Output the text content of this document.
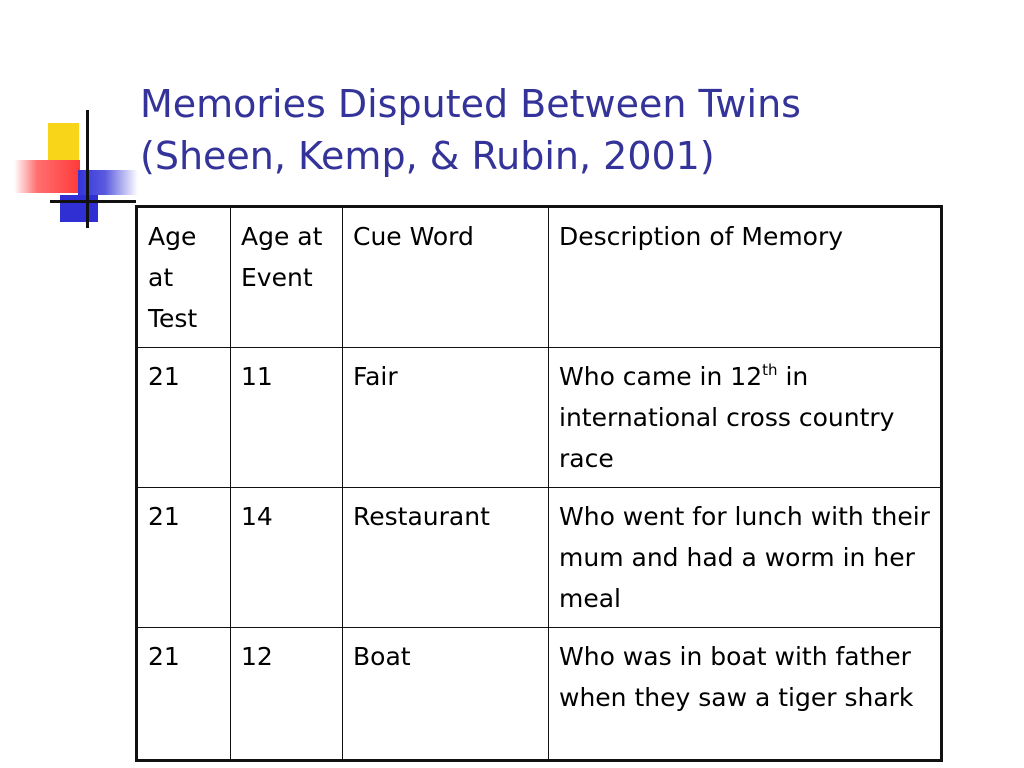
Memories Disputed Between Twins
(Sheen, Kemp, & Rubin, 2001)
Age at Test	Age at Event	Cue Word	Description of Memory
21	11	Fair	Who came in 12th in international cross country race
21	14	Restaurant	Who went for lunch with their mum and had a worm in her meal
21	12	Boat	Who was in boat with father when they saw a tiger shark
